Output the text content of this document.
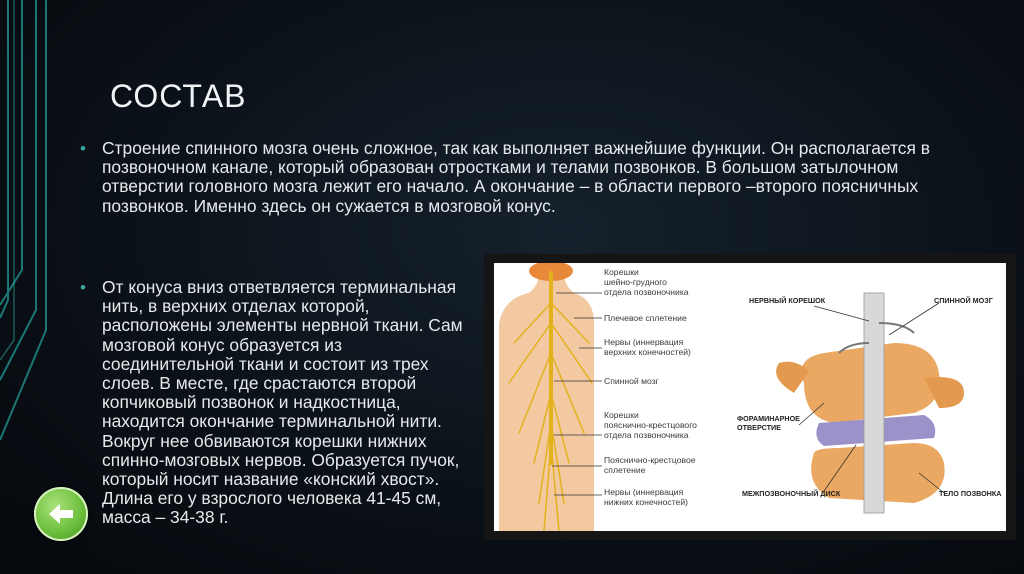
СОСТАВ
• Строение спинного мозга очень сложное, так как выполняет важнейшие функции. Он располагается в позвоночном канале, который образован отростками и телами позвонков. В большом затылочном отверстии головного мозга лежит его начало. А окончание – в области первого –второго поясничных позвонков. Именно здесь он сужается в мозговой конус.
• От конуса вниз ответвляется терминальная нить, в верхних отделах которой, расположены элементы нервной ткани. Сам мозговой конус образуется из соединительной ткани и состоит из трех слоев. В месте, где срастаются второй копчиковый позвонок и надкостница, находится окончание терминальной нити. Вокруг нее обвиваются корешки нижних спинно-мозговых нервов. Образуется пучок, который носит название «конский хвост». Длина его у взрослого человека 41-45 см, масса – 34-38 г.
Корешки шейно-грудного отдела позвоночника
Плечевое сплетение
Нервы (иннервация верхних конечностей)
Спинной мозг
Корешки пояснично-крестцового отдела позвоночника
Пояснично-крестцовое сплетение
Нервы (иннервация нижних конечностей)
НЕРВНЫЙ КОРЕШОК	СПИННОЙ МОЗГ
ФОРАМИНАРНОЕ ОТВЕРСТИЕ
МЕЖПОЗВОНОЧНЫЙ ДИСК	ТЕЛО ПОЗВОНКА
